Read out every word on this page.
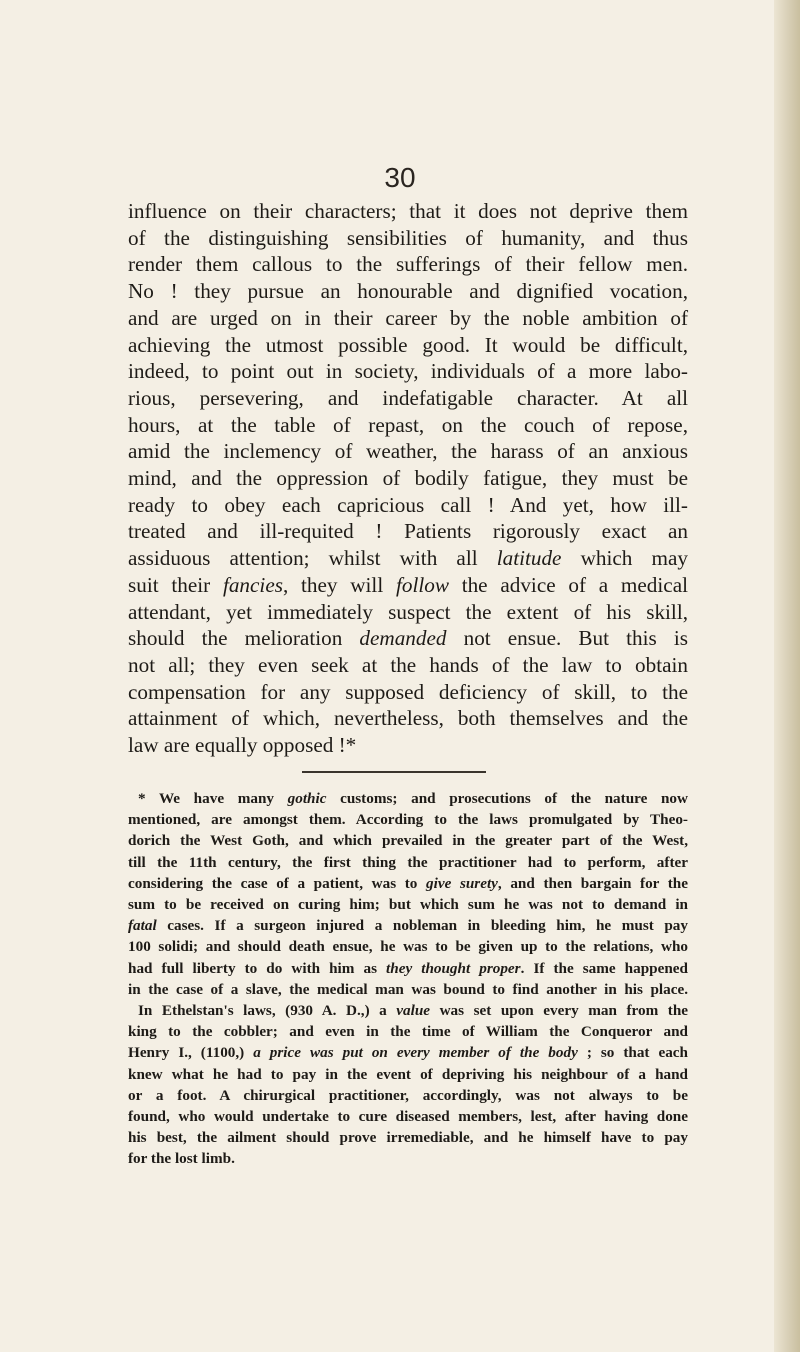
30
influence on their characters; that it does not deprive them
of the distinguishing sensibilities of humanity, and thus
render them callous to the sufferings of their fellow men.
No ! they pursue an honourable and dignified vocation,
and are urged on in their career by the noble ambition of
achieving the utmost possible good. It would be difficult,
indeed, to point out in society, individuals of a more labo-
rious, persevering, and indefatigable character. At all
hours, at the table of repast, on the couch of repose,
amid the inclemency of weather, the harass of an anxious
mind, and the oppression of bodily fatigue, they must be
ready to obey each capricious call ! And yet, how ill-
treated and ill-requited ! Patients rigorously exact an
assiduous attention; whilst with all latitude which may
suit their fancies, they will follow the advice of a medical
attendant, yet immediately suspect the extent of his skill,
should the melioration demanded not ensue. But this is
not all; they even seek at the hands of the law to obtain
compensation for any supposed deficiency of skill, to the
attainment of which, nevertheless, both themselves and the
law are equally opposed !*
* We have many gothic customs; and prosecutions of the nature now
mentioned, are amongst them. According to the laws promulgated by Theo-
dorich the West Goth, and which prevailed in the greater part of the West,
till the 11th century, the first thing the practitioner had to perform, after
considering the case of a patient, was to give surety, and then bargain for the
sum to be received on curing him; but which sum he was not to demand in
fatal cases. If a surgeon injured a nobleman in bleeding him, he must pay
100 solidi; and should death ensue, he was to be given up to the relations, who
had full liberty to do with him as they thought proper. If the same happened
in the case of a slave, the medical man was bound to find another in his place.
In Ethelstan's laws, (930 A. D.,) a value was set upon every man from the
king to the cobbler; and even in the time of William the Conqueror and
Henry I., (1100,) a price was put on every member of the body ; so that each
knew what he had to pay in the event of depriving his neighbour of a hand
or a foot. A chirurgical practitioner, accordingly, was not always to be
found, who would undertake to cure diseased members, lest, after having done
his best, the ailment should prove irremediable, and he himself have to pay
for the lost limb.
